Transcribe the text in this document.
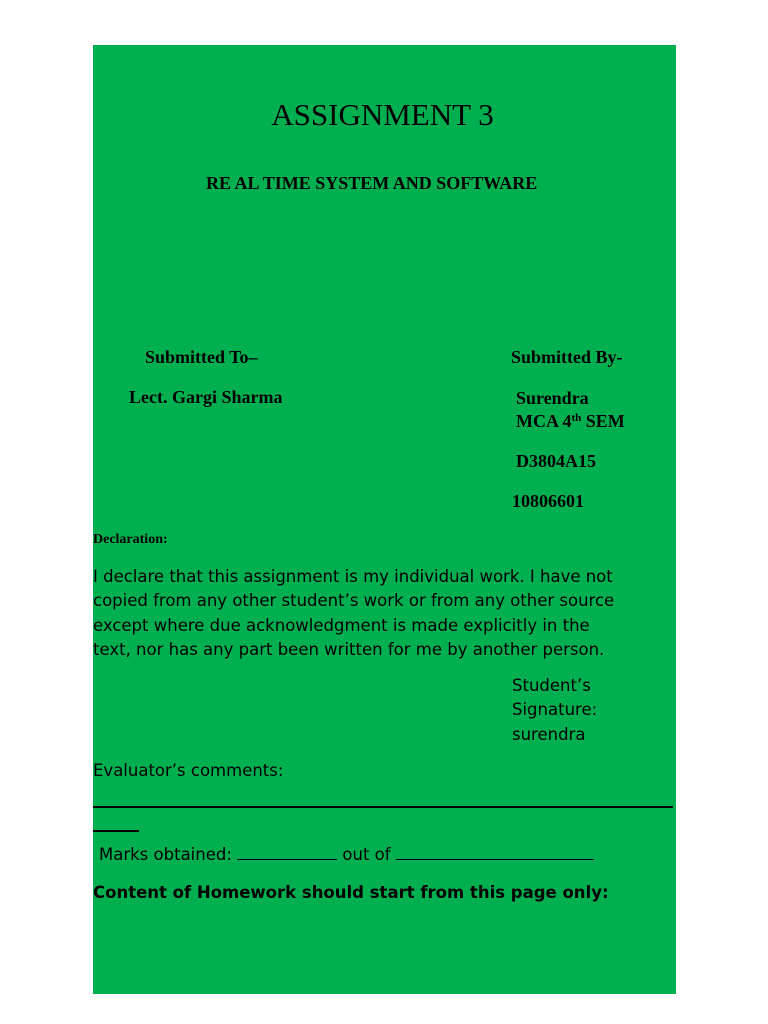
ASSIGNMENT 3
RE AL TIME SYSTEM AND SOFTWARE
Submitted To–
Lect. Gargi Sharma
Submitted By-
Surendra
MCA 4th SEM
D3804A15
10806601
Declaration:
I declare that this assignment is my individual work. I have not
copied from any other student’s work or from any other source
except where due acknowledgment is made explicitly in the
text, nor has any part been written for me by another person.
Student’s
Signature:
surendra
Evaluator’s comments:
Marks obtained:	out of
Content of Homework should start from this page only:
